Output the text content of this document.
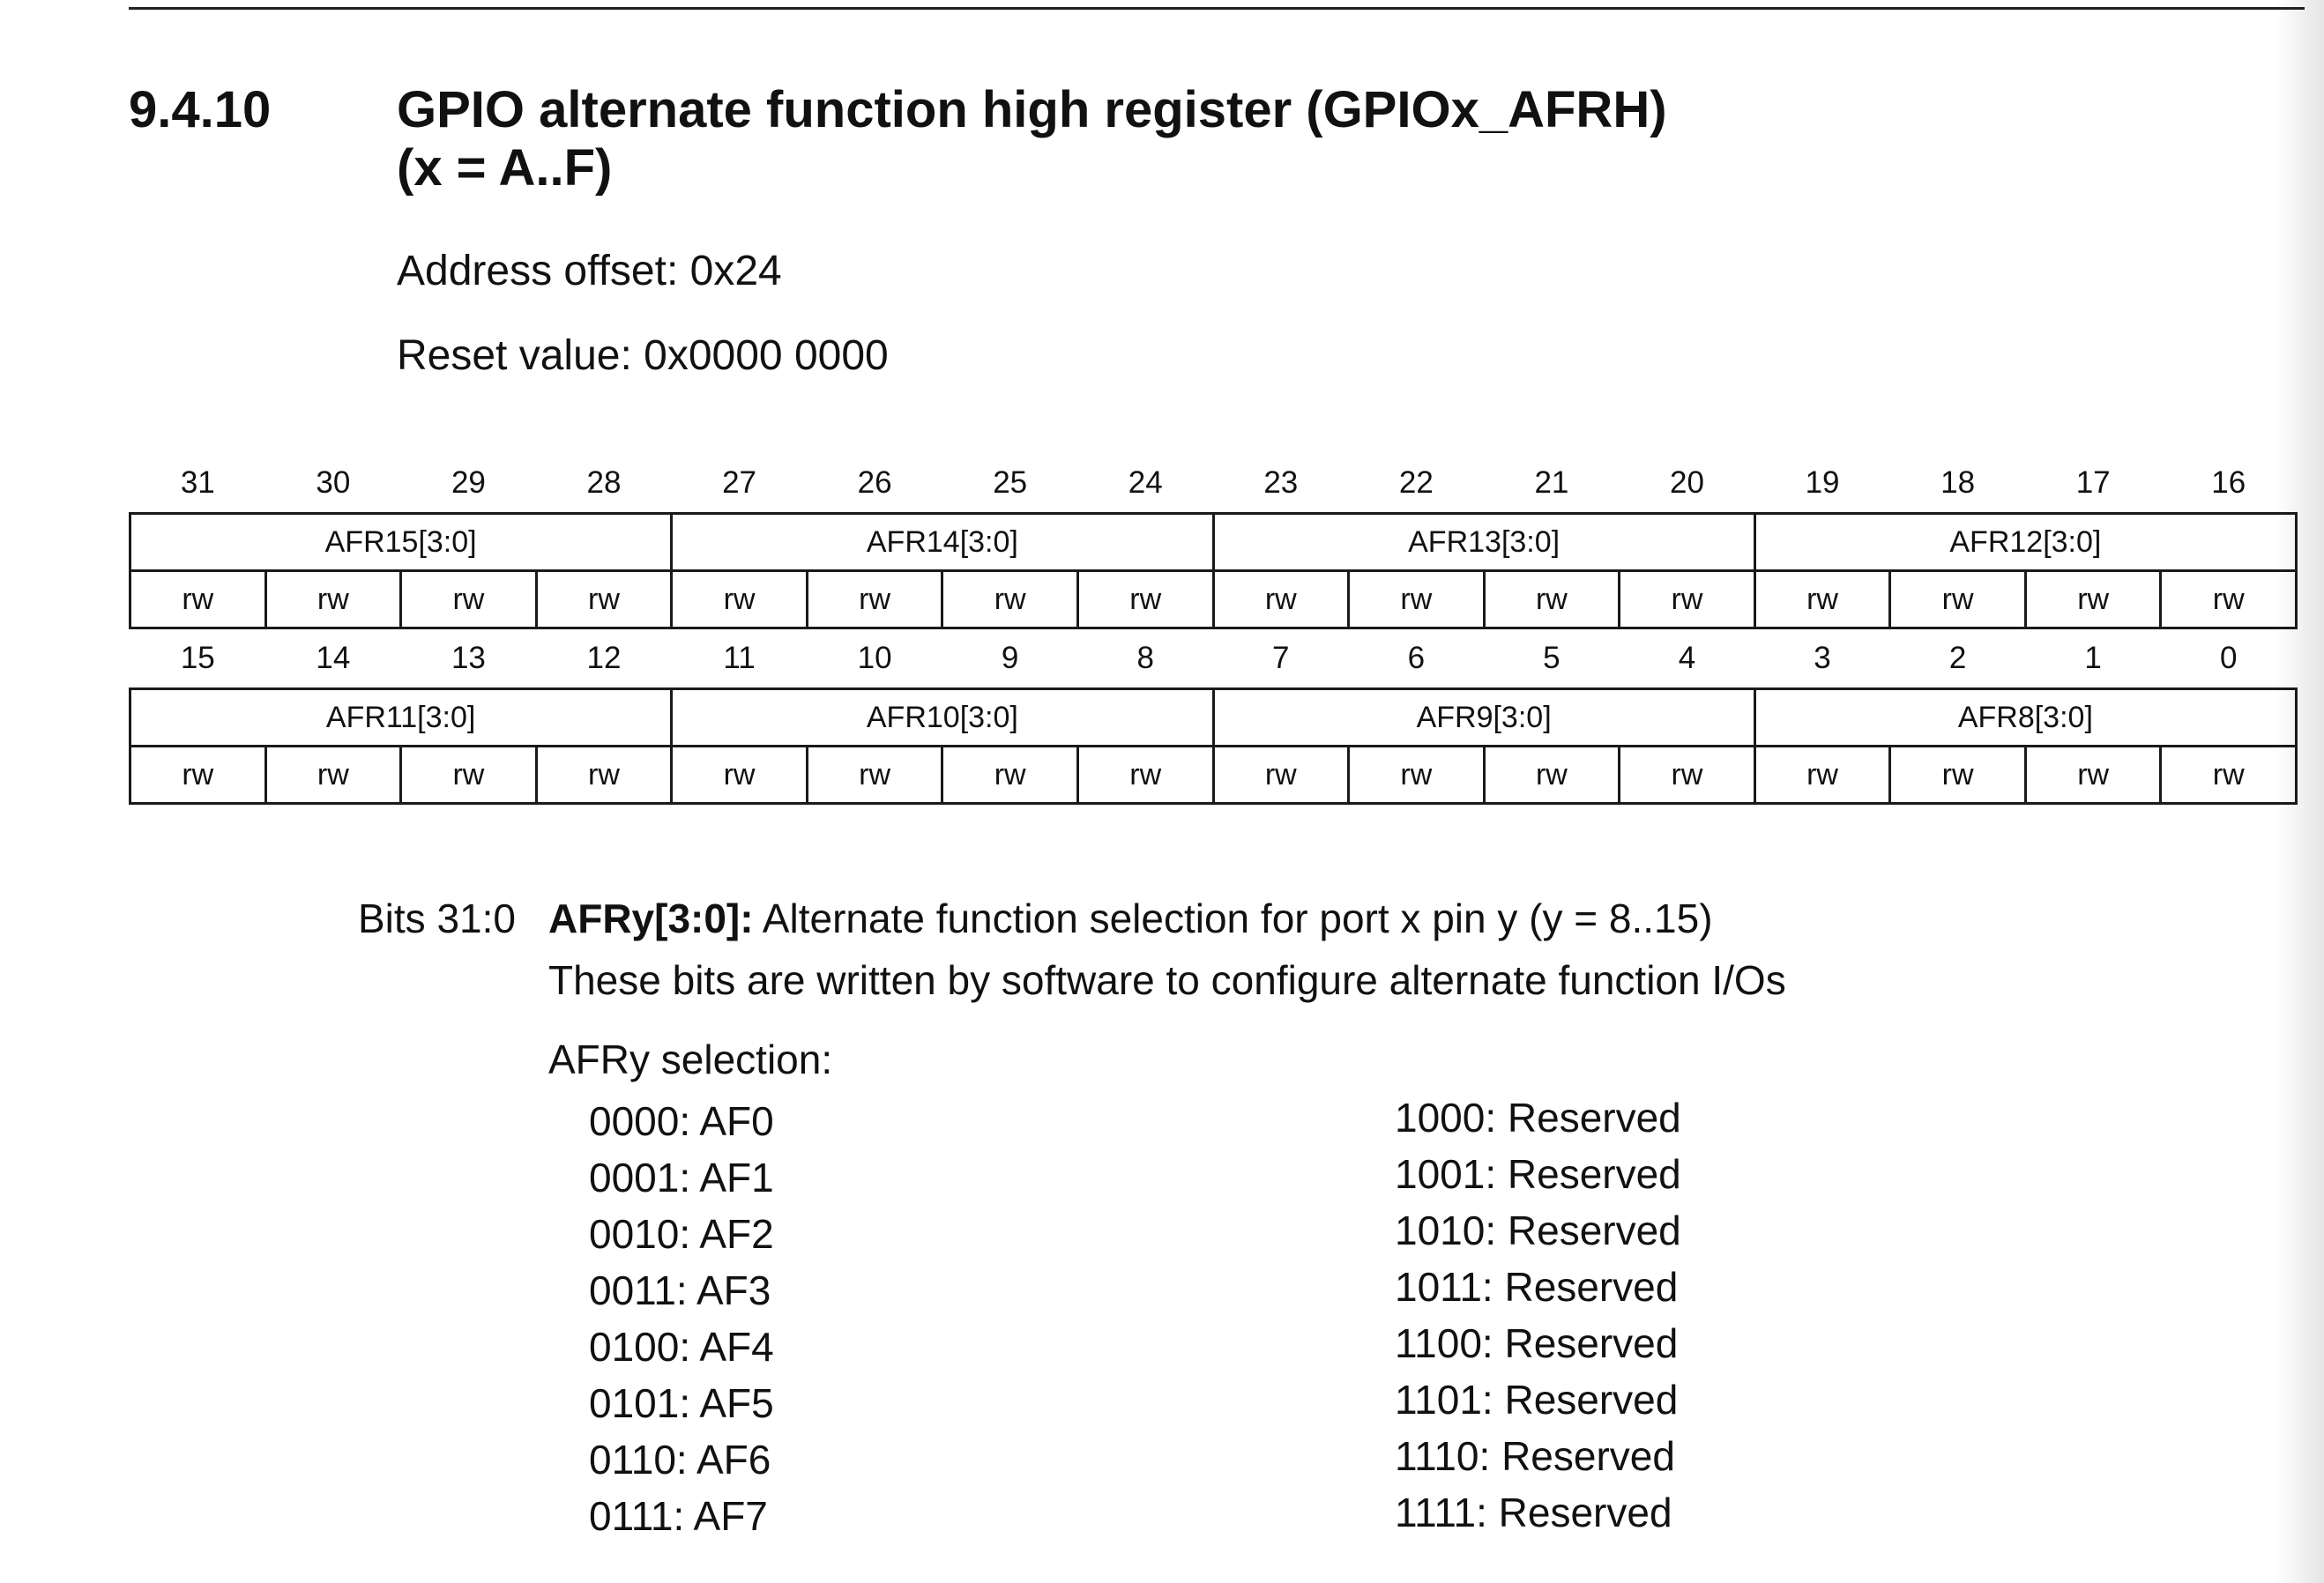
9.4.10 GPIO alternate function high register (GPIOx_AFRH)
(x = A..F)
Address offset: 0x24
Reset value: 0x0000 0000
31	30	29	28	27	26	25	24	23	22	21	20	19	18	17	16
AFR15[3:0]				AFR14[3:0]				AFR13[3:0]				AFR12[3:0]			
rw	rw	rw	rw	rw	rw	rw	rw	rw	rw	rw	rw	rw	rw	rw	rw
15	14	13	12	11	10	9	8	7	6	5	4	3	2	1	0
AFR11[3:0]				AFR10[3:0]				AFR9[3:0]				AFR8[3:0]			
rw	rw	rw	rw	rw	rw	rw	rw	rw	rw	rw	rw	rw	rw	rw	rw
Bits 31:0 AFRy[3:0]: Alternate function selection for port x pin y (y = 8..15)
These bits are written by software to configure alternate function I/Os
AFRy selection:
0000: AF0
0001: AF1
0010: AF2
0011: AF3
0100: AF4
0101: AF5
0110: AF6
0111: AF7
1000: Reserved
1001: Reserved
1010: Reserved
1011: Reserved
1100: Reserved
1101: Reserved
1110: Reserved
1111: Reserved
